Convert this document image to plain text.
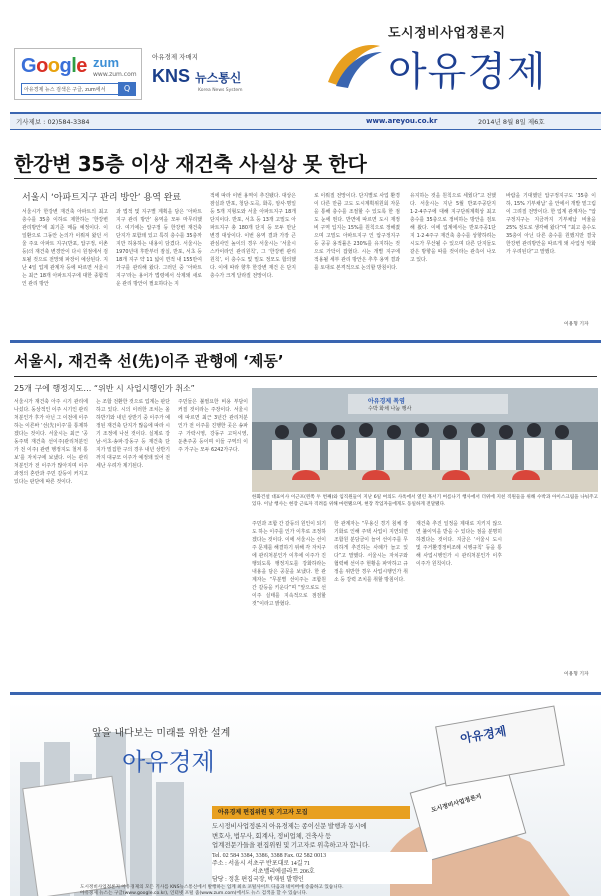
Google zum
www.zum.com
아유경제 뉴스 검색은 구글, zum에서	Q
아유경제 자매지
KNS 뉴스통신
Korea News System
도시정비사업정론지
아유경제
기사제보 : 02)584-3384	www.areyou.co.kr	2014년 8월 8일 제6호
한강변 35층 이상 재건축 사실상 못 한다
서울시 ‘아파트지구 관리 방안’ 용역 완료
서울시가 한강변 재건축 아파트의 최고 층수를 35층 이하로 제한하는 ‘한강변 관리방안’에 최기준 매듭 예정이다. 이 일환으로 그동안 논의가 이뤄져 왔던 서울 주요 아파트 지구(반포, 압구정, 이촌 등)의 재건축 변경안이 다시 원점에서 검토될 것으로 전망돼 파장이 예상된다. 지난 4일 업계 관계자 등에 따르면 서울시는 최근 18개 아파트지구에 대한 종합적인 관리 방안
과 법적 및 지구별 계획을 담은 ‘아파트지구 관리 방안’ 용역을 모두 마무리했다. 여기에는 압구정 등 한강변 재건축 단지가 포함돼 있고 특히 층수를 35층까지만 허용하는 내용이 담겼다. 서울시는 1970년대 후반부터 잠실, 반포, 서초 등 18개 지구 약 11 넓이 면적 내 155만여 가구를 관리해 왔다. 그러던 중 ‘아파트지구’라는 용어가 법령에서 삭제돼 새로운 관리 방안이 필요하다는 지
적에 따라 이번 용역이 추진됐다. 대상은 잠실과 반포, 청담·도곡, 화곡, 암사·명일 등 5개 지형도와 서울 아파트지구 18개 단지이다. 반포, 서초 등 13개 고밀도 아파트지구 총 180개 단지 등 모두 만난 변경 대상이다. 이번 용역 결과 가장 큰 관심사인 높이의 경우 서울시는 ‘서울시 스카이라인 관리원칙’, 그 ‘한강변 관리원칙’, 이 층수도 및 밀도 정모도 합의했다. 이에 따라 향후 한강변 재건 은 단지 층수가 크게 달라질 전망이다.
로 이뤄질 전망이다. 단지별로 사업 환경이 다른 만큼 고도 도시계획위원회 자문을 통해 층수를 조절할 수 있도록 한 점도 눈에 띈다. 반면에 따르면 도시 재정비 구역 입지는 15%를 원칙으로 정해졌으며 고밀도 아파트지구 인 압구정지구 등 공공 용적률은 230%를 유지하는 것으로 가닥이 잡혔다. 시는 개별 지구에 적용될 세부 관리 방안은 추후 용역 결과를 토대로 본격적으로 논의할 방침이다.
유지하는 것을 원칙으로 세웠다”고 전했다. 서울시는 지난 5월 반포주공단지 1·2·4주구에 대해 지구단위계획상 최고 층수를 35층으로 정비하는 방안을 검토해 왔다. 이에 업계에서는 반포주공1단지 1·2·4주구 재건축 층수를 상향하려는 시도가 무산될 수 있으며 다른 단지들도 같은 방향을 따를 것이라는 관측이 나오고 있다.
바람을 기대했던 압구정지구도 ‘35층 이하, 15% 기부채납’ 을 안에서 개발 밑그림이 그려질 전망이다. 한 업계 관계자는 “압구정지구는 지금까지 기부채납 비율을 25% 정도로 생각해 왔다”며 “최고 층수도 35층이 아닌 다른 층수를 원했지만 결국 한강변 관리방안을 따르게 돼 사업성 악화가 우려된다”고 말했다.
이용형 기자
서울시, 재건축 선(先)이주 관행에 ‘제동’
25개 구에 행정지도… “위반 시 사업시행인가 취소”
서울시가 재건축 아주 시기 관리에 나섰다. 동상적인 이주 시기인 관리처분인가 후가 아닌 그 이전에 이주하는 이른바 ‘선(先)이주’를 통제하겠다는 것이다. 서울시는 최근 ‘공동주택 재건축 선이주(관리처분인가 전 이주) 관련 행정지도 철저 통보’를 자치구에 보냈다. 이는 관리처분인가 전 이주가 많아지며 이주 과정의 혼란과 주민 갈등이 커지고 있다는 판단에 따른 것이다.
는 조합 전환한 것으로 업계는 판단하고 있다. 시의 이러한 조치는 올 하반기와 내년 상반기 중 이주가 예정된 재건축 단지가 많음에 따라 시기 조정에 나선 것이다. 실제로 강남·서초·송파·강동구 등 재건축 단지가 밀집한 구의 경우 내년 상반기까지 대규모 이주가 예정돼 있어 전세난 우려가 제기된다.
주민들은 불필요한 비용 부담이 커질 것이라는 주장이다. 서울시에 따르면 최근 3년간 관리처분 인가 전 이주를 진행한 곳은 송파구 가락시영, 강동구 고덕시영, 둔촌주공 등이며 이들 구역의 이주 가구는 모두 6242가구다.
주민과 조합 간 갈등의 원인이 되기도 하는 이주를 인가 이후로 조정하겠다는 것이다. 이에 서울시는 선이주 문제를 해결하기 위해 각 자치구에 관리처분인가 이후에 이주가 진행되도록 행정지도를 강화하라는 내용을 담은 공문을 보냈다. 한 관계자는 “무분별 선이주는 조합원 간 갈등을 키운다”며 “앞으로도 선이주 실태를 지속적으로 점검할 것”이라고 밝혔다.
한 관계자는 “무용신 경기 침체 장기화로 인해 주택 사업이 지연되면 조합원 분담금이 늘어 선이주를 무리하게 추진하는 사례가 늘고 있다”고 말했다. 서울시는 자치구와 협력해 선이주 현황을 파악하고 규정을 위반한 경우 사업시행인가 취소 등 강력 조치를 취할 방침이다.
재건축 추진 일정을 제대로 지키지 않으면 불이익을 받을 수 있다는 점을 분명히 하겠다는 것이다. 지금은 ‘서울시 도시 및 주거환경정비조례 시행규칙’ 등을 통해 사업시행인가 시 관리처분인가 이후 이주가 원칙이다.
이용형 기자
아유경제 폭염
수박 화채 나눔 행사
한화건설 대표이사 이근포(왼쪽 두 번째)와 임직원들이 지난 6일 여의도 사옥에서 열린 혹서기 여름나기 행사에서 더위에 지친 직원들을 위해 수박과 아이스크림을 나눠주고 있다. 이날 행사는 현장 근로자 격려를 위해 마련됐으며, 현장 작업자들에게도 동일하게 전달됐다.
앞을 내다보는 미래를 위한 설계
아유경제
아유경제
도시정비사업정론지
아유경제 편집위원 및 기고자 모집
도시정비사업정론지 아유경제는 종이신문 발행과 동시에
변호사, 법무사, 회계사, 정비업체, 건축사 등
업계전문가들을 편집위원 및 기고자로 위촉하고자 합니다.
Tel. 02 584 3384, 3386, 3388 Fax. 02 582 0013
주소 : 서울시 서초구 반포대로 14길 71
서초밸리에클라트 206호
담당 : 정훈 편집국장, 박재원 발행인
도시정비사업정론지 아유경제의 모든 기사를 KNS뉴스통신에서 발행하는 업계 최초 포털사이트 다음과 네이버에 송출하고 있습니다.
아유경제 뉴스는 구글(www.google.co.kr), 인터넷 포털 줌(www.zum.com)에서도 뉴스 검색을 할 수 있습니다.
